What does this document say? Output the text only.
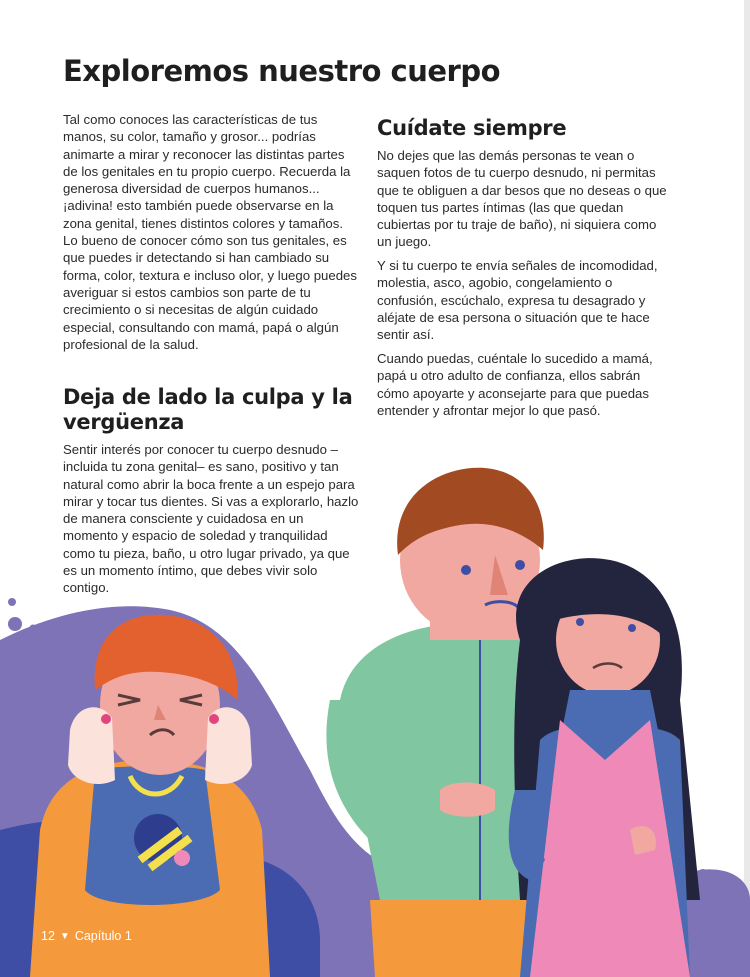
Exploremos nuestro cuerpo

Tal como conoces las características de tus manos, su color, tamaño y grosor... podrías animarte a mirar y reconocer las distintas partes de los genitales en tu propio cuerpo. Recuerda la generosa diversidad de cuerpos humanos... ¡adivina! esto también puede observarse en la zona genital, tienes distintos colores y tamaños. Lo bueno de conocer cómo son tus genitales, es que puedes ir detectando si han cambiado su forma, color, textura e incluso olor, y luego puedes averiguar si estos cambios son parte de tu crecimiento o si necesitas de algún cuidado especial, consultando con mamá, papá o algún profesional de la salud.

Deja de lado la culpa y la vergüenza

Sentir interés por conocer tu cuerpo desnudo –incluida tu zona genital– es sano, positivo y tan natural como abrir la boca frente a un espejo para mirar y tocar tus dientes. Si vas a explorarlo, hazlo de manera consciente y cuidadosa en un momento y espacio de soledad y tranquilidad como tu pieza, baño, u otro lugar privado, ya que es un momento íntimo, que debes vivir solo contigo.

Cuídate siempre

No dejes que las demás personas te vean o saquen fotos de tu cuerpo desnudo, ni permitas que te obliguen a dar besos que no deseas o que toquen tus partes íntimas (las que quedan cubiertas por tu traje de baño), ni siquiera como un juego.

Y si tu cuerpo te envía señales de incomodidad, molestia, asco, agobio, congelamiento o confusión, escúchalo, expresa tu desagrado y aléjate de esa persona o situación que te hace sentir así.

Cuando puedas, cuéntale lo sucedido a mamá, papá u otro adulto de confianza, ellos sabrán cómo apoyarte y aconsejarte para que puedas entender y afrontar mejor lo que pasó.

12 ▼ Capítulo 1
